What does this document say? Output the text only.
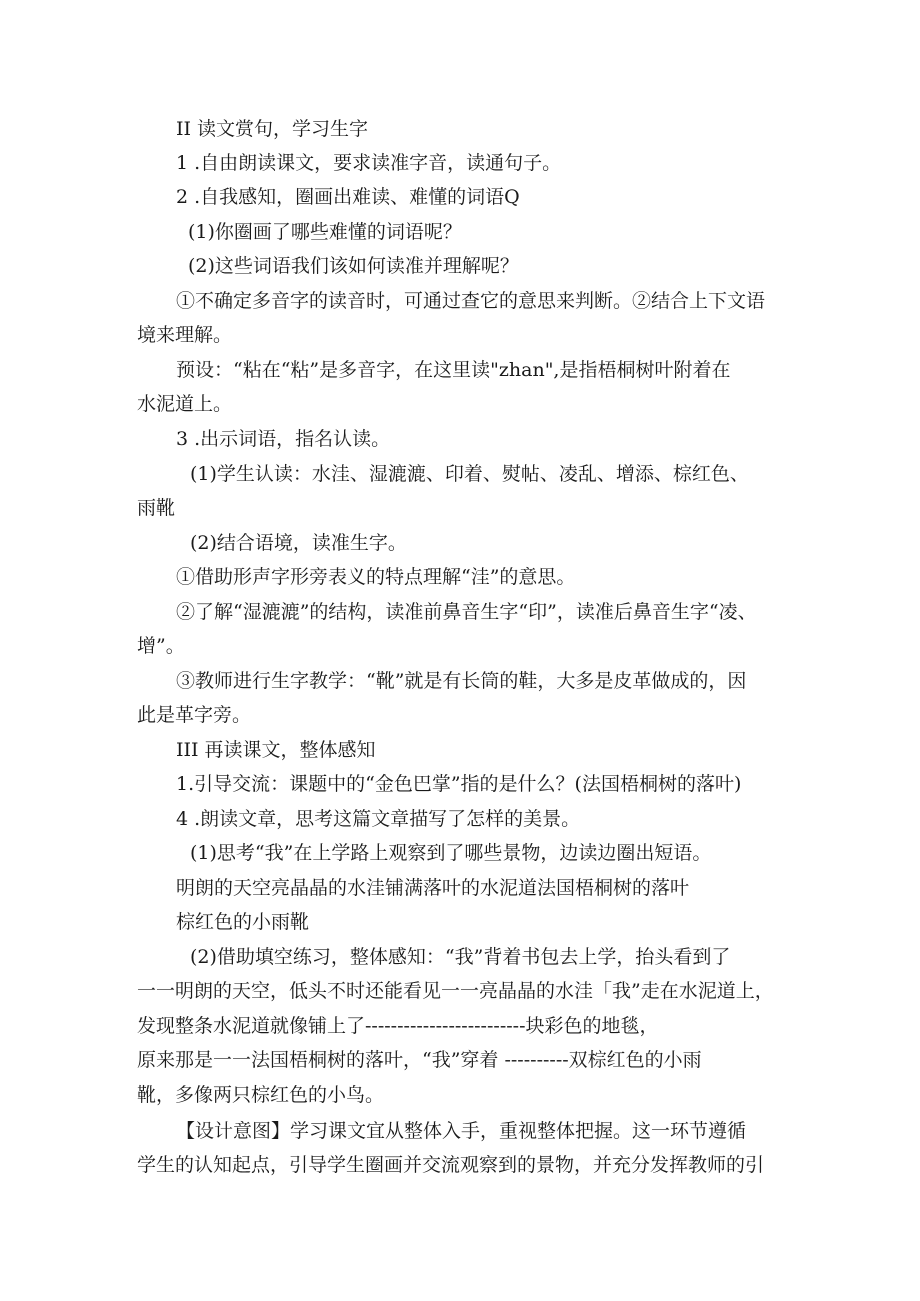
II 读文赏句，学习生字
1 .自由朗读课文，要求读准字音，读通句子。
2 .自我感知，圈画出难读、难懂的词语Q
(1)你圈画了哪些难懂的词语呢？
(2)这些词语我们该如何读准并理解呢？
①不确定多音字的读音时，可通过查它的意思来判断。②结合上下文语
境来理解。
预设：“粘在“粘”是多音字，在这里读"zhan",是指梧桐树叶附着在
水泥道上。
3 .出示词语，指名认读。
(1)学生认读：水洼、湿漉漉、印着、熨帖、凌乱、增添、棕红色、
雨靴
(2)结合语境，读准生字。
①借助形声字形旁表义的特点理解“洼”的意思。
②了解“湿漉漉”的结构，读准前鼻音生字“印”，读准后鼻音生字“凌、
增”。
③教师进行生字教学：“靴”就是有长筒的鞋，大多是皮革做成的，因
此是革字旁。
III 再读课文，整体感知
1.引导交流：课题中的“金色巴掌”指的是什么？(法国梧桐树的落叶)
4 .朗读文章，思考这篇文章描写了怎样的美景。
(1)思考“我”在上学路上观察到了哪些景物，边读边圈出短语。
明朗的天空亮晶晶的水洼铺满落叶的水泥道法国梧桐树的落叶
棕红色的小雨靴
(2)借助填空练习，整体感知：“我”背着书包去上学，抬头看到了
一一明朗的天空，低头不时还能看见一一亮晶晶的水洼「我”走在水泥道上，
发现整条水泥道就像铺上了-------------------------块彩色的地毯，
原来那是一一法国梧桐树的落叶，“我”穿着 ----------双棕红色的小雨
靴，多像两只棕红色的小鸟。
【设计意图】学习课文宜从整体入手，重视整体把握。这一环节遵循
学生的认知起点，引导学生圈画并交流观察到的景物，并充分发挥教师的引
